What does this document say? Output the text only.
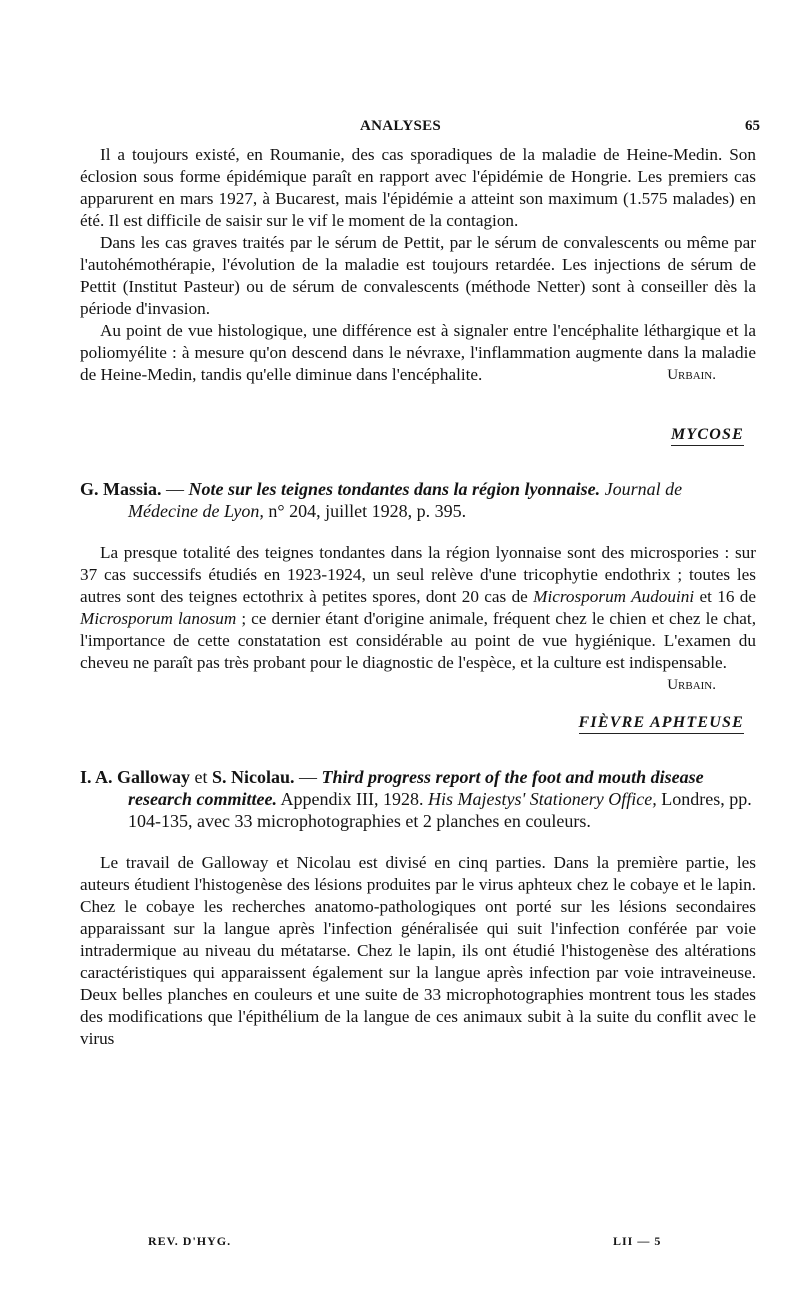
ANALYSES	65

Il a toujours existé, en Roumanie, des cas sporadiques de la maladie de Heine-Medin. Son éclosion sous forme épidémique paraît en rapport avec l'épidémie de Hongrie. Les premiers cas apparurent en mars 1927, à Bucarest, mais l'épidémie a atteint son maximum (1.575 malades) en été. Il est difficile de saisir sur le vif le moment de la contagion.

Dans les cas graves traités par le sérum de Pettit, par le sérum de convalescents ou même par l'autohémothérapie, l'évolution de la maladie est toujours retardée. Les injections de sérum de Pettit (Institut Pasteur) ou de sérum de convalescents (méthode Netter) sont à conseiller dès la période d'invasion.

Au point de vue histologique, une différence est à signaler entre l'encéphalite léthargique et la poliomyélite : à mesure qu'on descend dans le névraxe, l'inflammation augmente dans la maladie de Heine-Medin, tandis qu'elle diminue dans l'encéphalite.	Urbain.

MYCOSE

G. Massia. — Note sur les teignes tondantes dans la région lyonnaise. Journal de Médecine de Lyon, n° 204, juillet 1928, p. 395.

La presque totalité des teignes tondantes dans la région lyonnaise sont des microspories : sur 37 cas successifs étudiés en 1923-1924, un seul relève d'une tricophytie endothrix ; toutes les autres sont des teignes ectothrix à petites spores, dont 20 cas de Microsporum Audouini et 16 de Microsporum lanosum ; ce dernier étant d'origine animale, fréquent chez le chien et chez le chat, l'importance de cette constatation est considérable au point de vue hygiénique. L'examen du cheveu ne paraît pas très probant pour le diagnostic de l'espèce, et la culture est indispensable.
Urbain.

FIÈVRE APHTEUSE

I. A. Galloway et S. Nicolau. — Third progress report of the foot and mouth disease research committee. Appendix III, 1928. His Majestys' Stationery Office, Londres, pp. 104-135, avec 33 microphotographies et 2 planches en couleurs.

Le travail de Galloway et Nicolau est divisé en cinq parties. Dans la première partie, les auteurs étudient l'histogenèse des lésions produites par le virus aphteux chez le cobaye et le lapin. Chez le cobaye les recherches anatomo-pathologiques ont porté sur les lésions secondaires apparaissant sur la langue après l'infection généralisée qui suit l'infection conférée par voie intradermique au niveau du métatarse. Chez le lapin, ils ont étudié l'histogenèse des altérations caractéristiques qui apparaissent également sur la langue après infection par voie intraveineuse. Deux belles planches en couleurs et une suite de 33 microphotographies montrent tous les stades des modifications que l'épithélium de la langue de ces animaux subit à la suite du conflit avec le virus

REV. D'HYG.	LII — 5
